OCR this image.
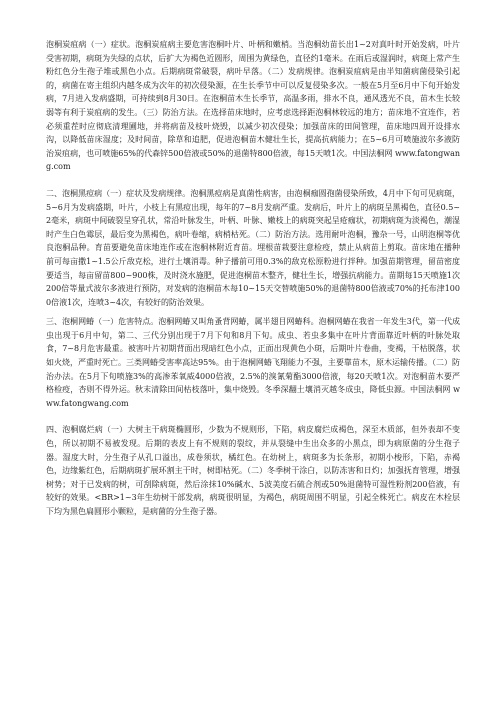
泡桐炭疽病（一）症状。泡桐炭疽病主要危害泡桐叶片、叶柄和嫩梢。当泡桐幼苗长出1~2对真叶时开始发病，叶片受害初期，病斑为失绿的点状，后扩大为褐色近圆形，周围为黄绿色，直径约1毫米。在雨后或湿润时，病斑上常产生粉红色分生孢子堆或黑色小点。后期病斑常破裂，病叶早落。（二）发病规律。泡桐炭疽病是由半知菌病菌侵染引起的，病菌在寄主组织内越冬成为次年的初次侵染源，在生长季节中可以反复侵染多次。一般在5月至6月中下旬开始发病，7月进入发病盛期，可持续到8月30日。在泡桐苗木生长季节，高温多雨，排水不良，通风透光不良，苗木生长较弱等有利于炭疽病的发生。（三）防治方法。在选择苗床地时，应考虑选择距泡桐林较远的地方；苗床地不宜连作，若必须重茬时应彻底清理圃地，并将病苗及枝叶烧毁，以减少初次侵染；加强苗床的田间管理，苗床地四周开设排水沟，以降低苗床湿度；及时间苗，除草和追肥，促进泡桐苗木健壮生长，提高抗病能力；在5~6月可喷施波尔多液防治炭疽病，也可喷施65%的代森锌500倍液或50%的退菌特800倍液，每15天喷1次。中国法桐网 www.fatongwang.com

二、泡桐黑痘病（一）症状及发病规律。泡桐黑痘病是真菌性病害，由泡桐痂圆孢菌侵染所致，4月中下旬可见病斑，5~6月为发病盛期，叶片，小枝上有黑痘出现，每年的7~8月发病严重。发病后，叶片上的病斑呈黑褐色，直径0.5~2毫米，病斑中间破裂呈穿孔状，常沿叶脉发生，叶柄、叶脉、嫩枝上的病斑突起呈疮痂状，初期病斑为淡褐色，潮湿时产生白色霉层，最后变为黑褐色，病叶卷缩，病梢枯死。（二）防治方法。选用耐叶泡桐，豫杂一号，山明泡桐等优良泡桐品种。育苗要避免苗床地连作或在泡桐林附近育苗。埋根苗栽要注意检疫，禁止从病苗上剪取。苗床地在播种前可每亩撒1~1.5公斤敌克松，进行土壤消毒。种子播前可用0.3%的敌克松原粉进行拌种。加强苗期管理，留苗密度要适当，每亩留苗800~900株，及时浇水施肥，促进泡桐苗木整齐，健壮生长，增强抗病能力。苗期每15天喷施1次200倍等量式波尔多液进行预防，对发病的泡桐苗木每10~15天交替喷施50%的退菌特800倍液或70%的托布津1000倍液1次，连喷3~4次，有较好的防治效果。

三、泡桐网蝽（一）危害特点。泡桐网蝽又叫角蚤背网蝽，属半翅目网蝽科。泡桐网蝽在我省一年发生3代，第一代成虫出现于6月中旬，第二、三代分别出现于7月下旬和8月下旬。成虫、若虫多集中在叶片背面靠近叶柄的叶脉处取食，7~8月危害最重。被害叶片初期背面出现暗红色小点，正面出现黄色小斑，后期叶片卷曲，变褐，干枯脱落，状如火烧，严重时死亡。三类网蝽受害率高达95%。由于泡桐网蝽飞翔能力不强，主要靠苗木，原木运输传播。（二）防治办法。在5月下旬喷施3%的高渗苯氧威4000倍液，2.5%的溴氰菊酯3000倍液，每20天喷1次。对泡桐苗木要严格检疫，杏则不得外运。秋末清除田间枯枝落叶，集中烧毁。冬季深翻土壤消灭越冬成虫，降低虫源。中国法桐网 www.fatongwang.com

四、泡桐腐烂病（一）大树主干病斑椭圆形，少数为不规则形，下陷，病皮腐烂成褐色，深至木质部，但外表却不变色，所以初期不易被发现。后期的表皮上有不规则的裂纹，并从裂缝中生出众多的小黑点，即为病原菌的分生孢子器。湿度大时，分生孢子从孔口溢出，成卷须状，橘红色。在幼树上，病斑多为长条形，初期小梭形，下陷，赤褐色，边缘紫红色，后期病斑扩展环割主干时，树即枯死。（二）冬季树干涂白，以防冻害和日灼；加强抚育管理，增强树势；对于已发病的树，可刮除病斑，然后涂抹10%碱水、5波美度石硫合剂或50%退菌特可湿性粉剂200倍液，有较好的效果。<BR>1~3年生幼树干部发病，病斑很明显，为褐色，病斑周围不明显，引起全株死亡。病皮在木栓层下均为黑色扁圆形小颗粒，是病菌的分生孢子器。
